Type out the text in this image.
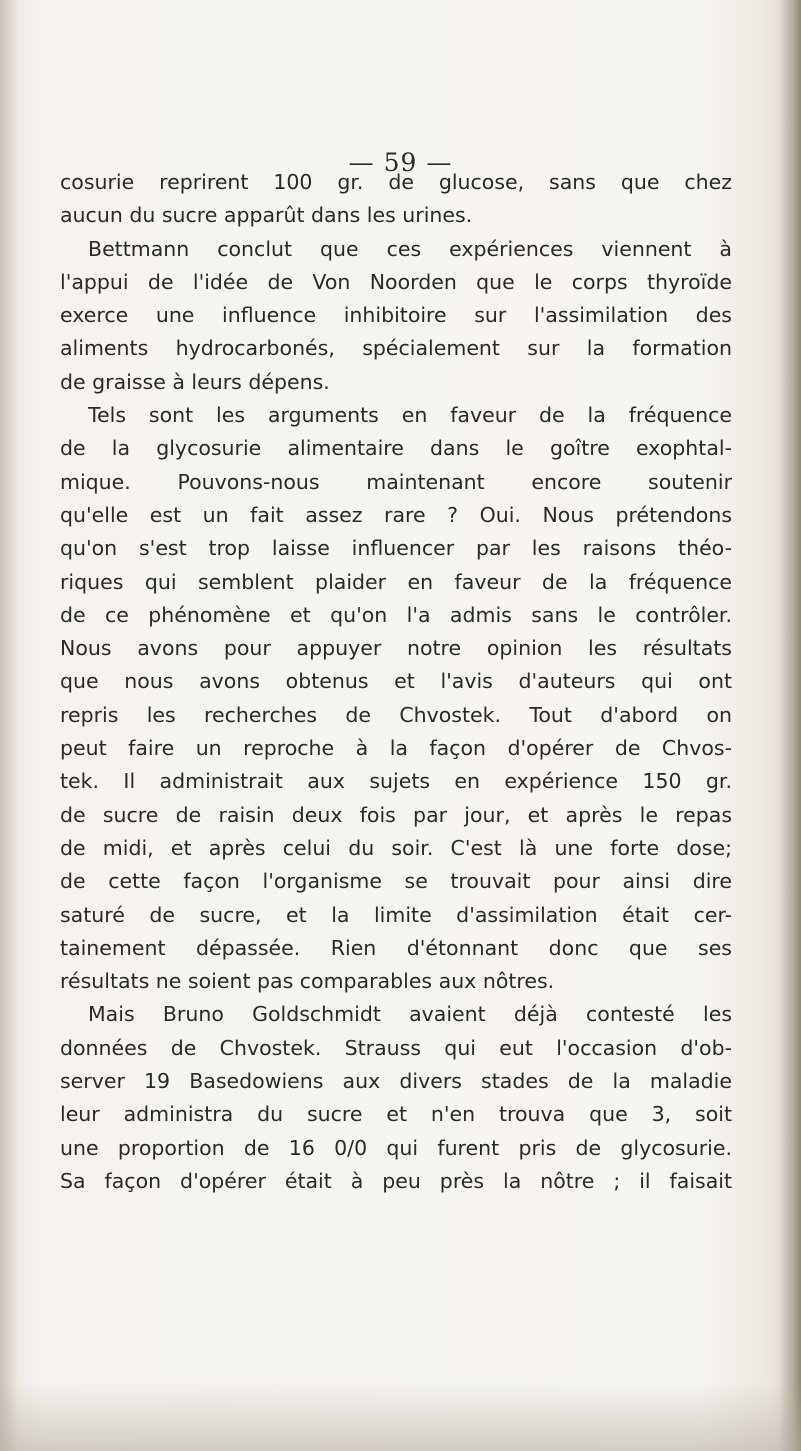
— 59 —
cosurie reprirent 100 gr. de glucose, sans que chez
aucun du sucre apparût dans les urines.
Bettmann conclut que ces expériences viennent à
l'appui de l'idée de Von Noorden que le corps thyroïde
exerce une influence inhibitoire sur l'assimilation des
aliments hydrocarbonés, spécialement sur la formation
de graisse à leurs dépens.
Tels sont les arguments en faveur de la fréquence
de la glycosurie alimentaire dans le goître exophtal-
mique. Pouvons-nous maintenant encore soutenir
qu'elle est un fait assez rare ? Oui. Nous prétendons
qu'on s'est trop laisse influencer par les raisons théo-
riques qui semblent plaider en faveur de la fréquence
de ce phénomène et qu'on l'a admis sans le contrôler.
Nous avons pour appuyer notre opinion les résultats
que nous avons obtenus et l'avis d'auteurs qui ont
repris les recherches de Chvostek. Tout d'abord on
peut faire un reproche à la façon d'opérer de Chvos-
tek. Il administrait aux sujets en expérience 150 gr.
de sucre de raisin deux fois par jour, et après le repas
de midi, et après celui du soir. C'est là une forte dose;
de cette façon l'organisme se trouvait pour ainsi dire
saturé de sucre, et la limite d'assimilation était cer-
tainement dépassée. Rien d'étonnant donc que ses
résultats ne soient pas comparables aux nôtres.
Mais Bruno Goldschmidt avaient déjà contesté les
données de Chvostek. Strauss qui eut l'occasion d'ob-
server 19 Basedowiens aux divers stades de la maladie
leur administra du sucre et n'en trouva que 3, soit
une proportion de 16 0/0 qui furent pris de glycosurie.
Sa façon d'opérer était à peu près la nôtre ; il faisait
